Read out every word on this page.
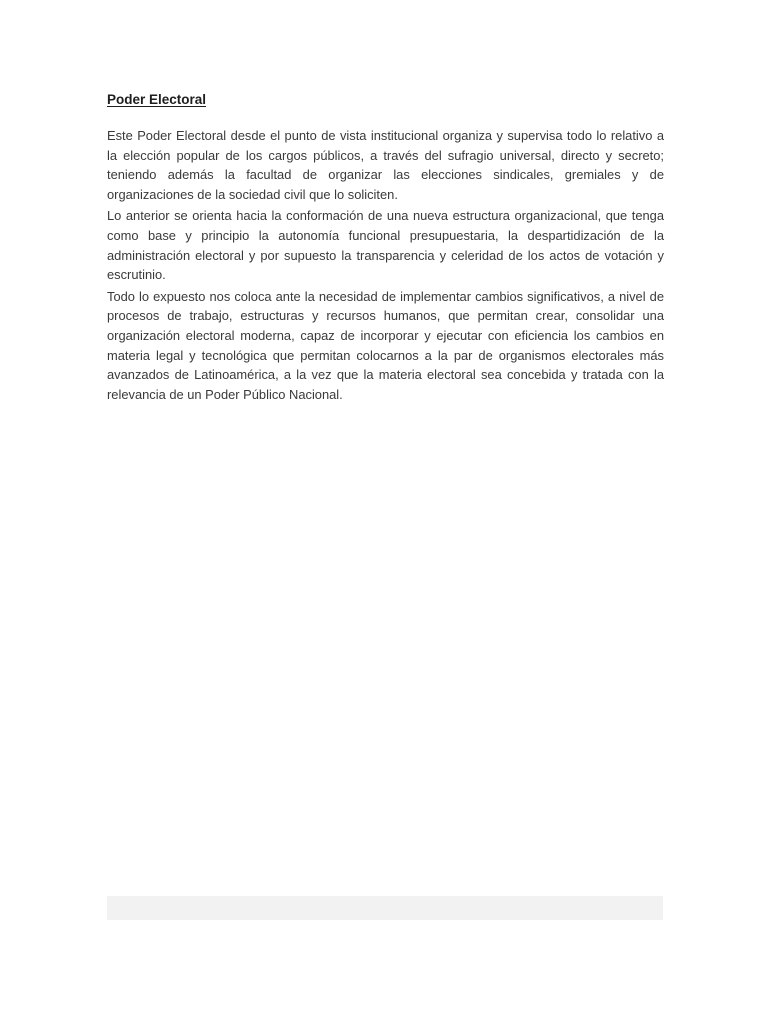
Poder Electoral

Este Poder Electoral desde el punto de vista institucional organiza y supervisa todo lo relativo a la elección popular de los cargos públicos, a través del sufragio universal, directo y secreto; teniendo además la facultad de organizar las elecciones sindicales, gremiales y de organizaciones de la sociedad civil que lo soliciten.

Lo anterior se orienta hacia la conformación de una nueva estructura organizacional, que tenga como base y principio la autonomía funcional presupuestaria, la despartidización de la administración electoral y por supuesto la transparencia y celeridad de los actos de votación y escrutinio.

Todo lo expuesto nos coloca ante la necesidad de implementar cambios significativos, a nivel de procesos de trabajo, estructuras y recursos humanos, que permitan crear, consolidar una organización electoral moderna, capaz de incorporar y ejecutar con eficiencia los cambios en materia legal y tecnológica que permitan colocarnos a la par de organismos electorales más avanzados de Latinoamérica, a la vez que la materia electoral sea concebida y tratada con la relevancia de un Poder Público Nacional.
